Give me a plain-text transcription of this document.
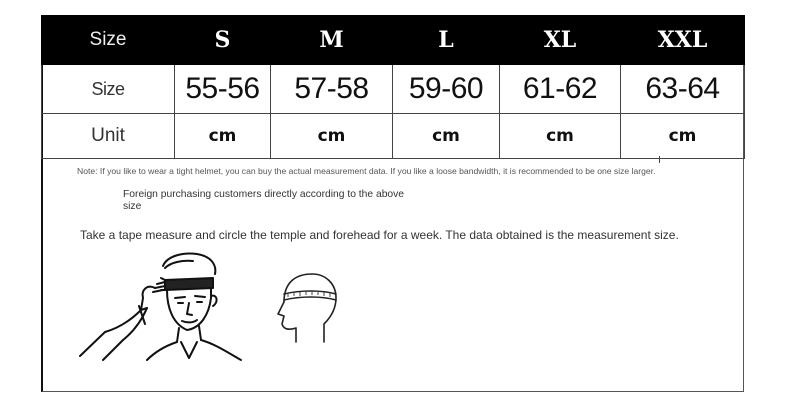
Size	S	M	L	XL	XXL
Size	55-56	57-58	59-60	61-62	63-64
Unit	cm	cm	cm	cm	cm
Note: If you like to wear a tight helmet, you can buy the actual measurement data. If you like a loose bandwidth, it is recommended to be one size larger.
Foreign purchasing customers directly according to the above size
Take a tape measure and circle the temple and forehead for a week. The data obtained is the measurement size.
